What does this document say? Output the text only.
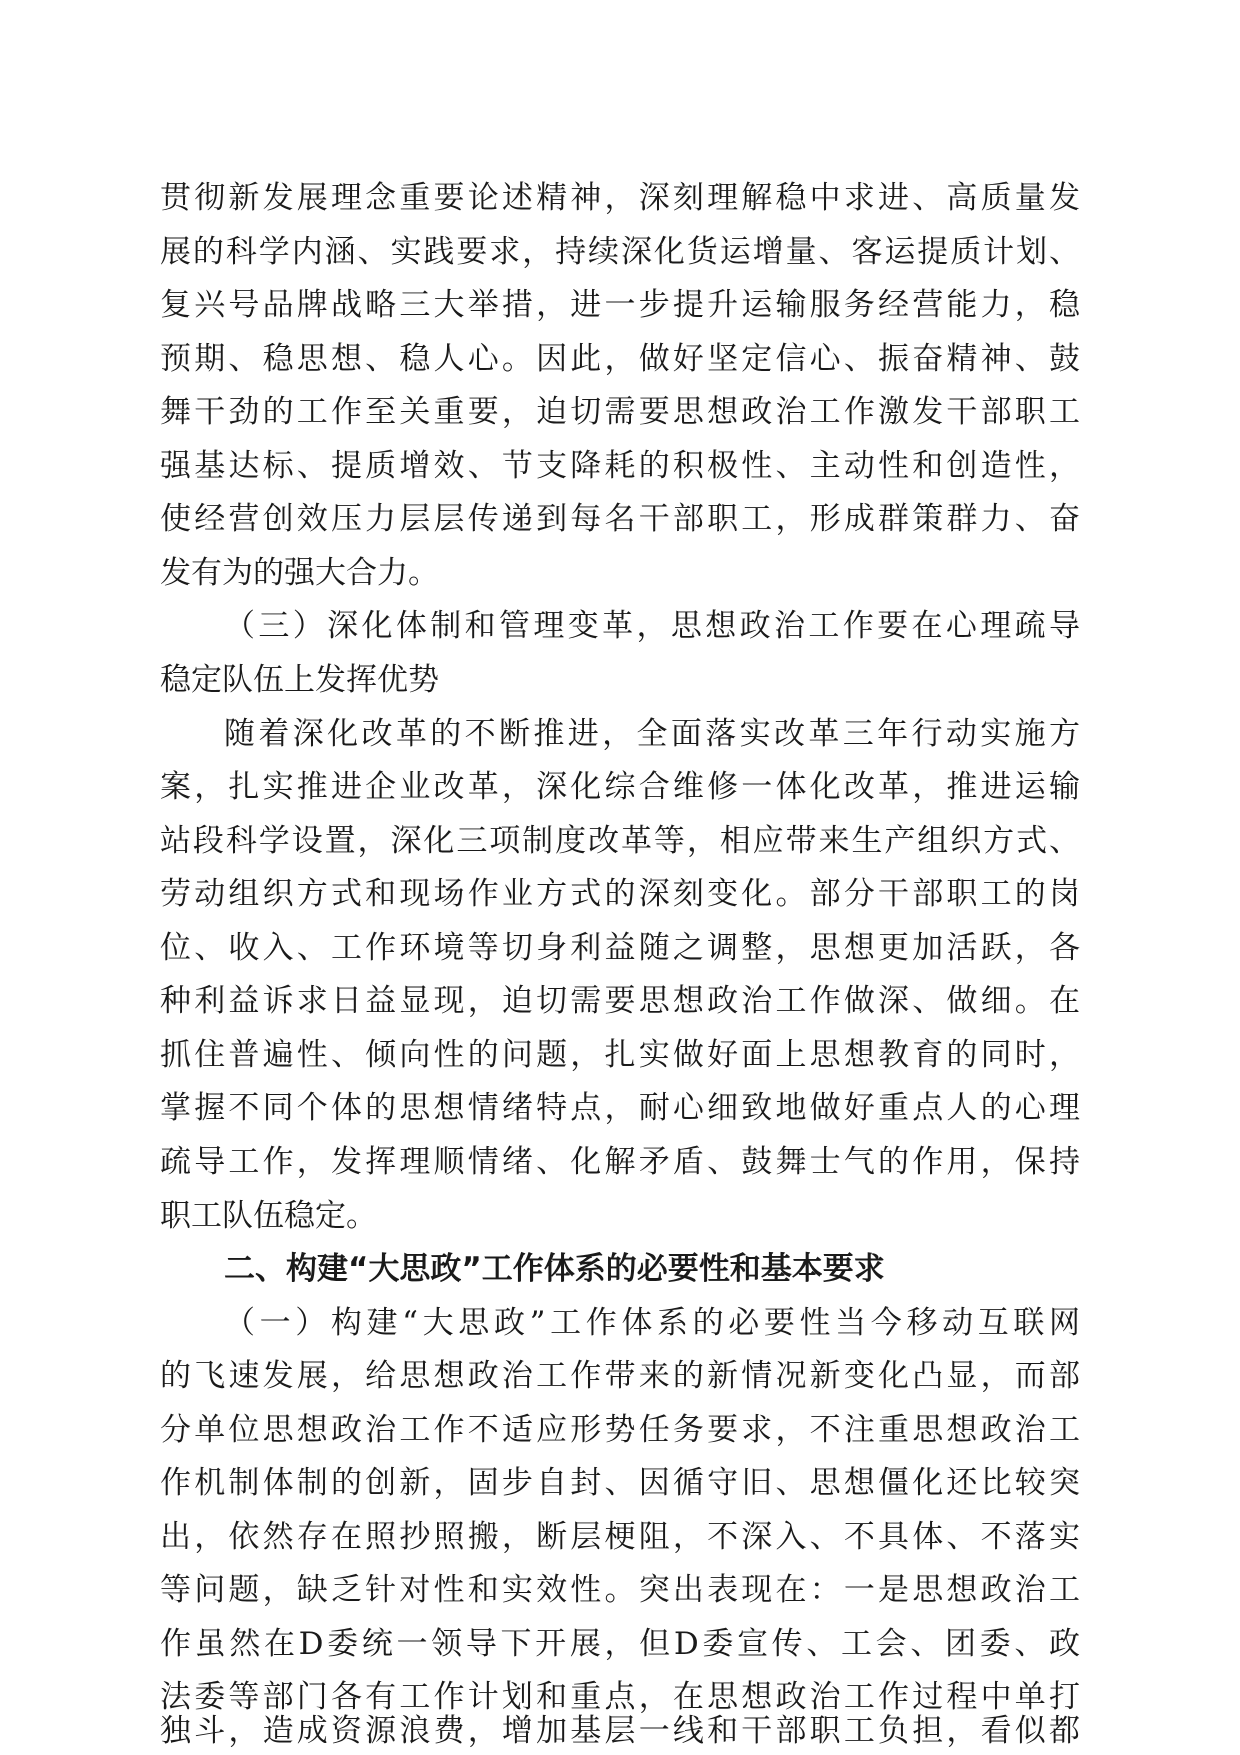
贯彻新发展理念重要论述精神，深刻理解稳中求进、高质量发
展的科学内涵、实践要求，持续深化货运增量、客运提质计划、
复兴号品牌战略三大举措，进一步提升运输服务经营能力，稳
预期、稳思想、稳人心。因此，做好坚定信心、振奋精神、鼓
舞干劲的工作至关重要，迫切需要思想政治工作激发干部职工
强基达标、提质增效、节支降耗的积极性、主动性和创造性，
使经营创效压力层层传递到每名干部职工，形成群策群力、奋
发有为的强大合力。
（三）深化体制和管理变革，思想政治工作要在心理疏导
稳定队伍上发挥优势
随着深化改革的不断推进，全面落实改革三年行动实施方
案，扎实推进企业改革，深化综合维修一体化改革，推进运输
站段科学设置，深化三项制度改革等，相应带来生产组织方式、
劳动组织方式和现场作业方式的深刻变化。部分干部职工的岗
位、收入、工作环境等切身利益随之调整，思想更加活跃，各
种利益诉求日益显现，迫切需要思想政治工作做深、做细。在
抓住普遍性、倾向性的问题，扎实做好面上思想教育的同时，
掌握不同个体的思想情绪特点，耐心细致地做好重点人的心理
疏导工作，发挥理顺情绪、化解矛盾、鼓舞士气的作用，保持
职工队伍稳定。
二、构建“大思政”工作体系的必要性和基本要求
（一）构建“大思政”工作体系的必要性当今移动互联网
的飞速发展，给思想政治工作带来的新情况新变化凸显，而部
分单位思想政治工作不适应形势任务要求，不注重思想政治工
作机制体制的创新，固步自封、因循守旧、思想僵化还比较突
出，依然存在照抄照搬，断层梗阻，不深入、不具体、不落实
等问题，缺乏针对性和实效性。突出表现在：一是思想政治工
作虽然在D委统一领导下开展，但D委宣传、工会、团委、政
法委等部门各有工作计划和重点，在思想政治工作过程中单打
独斗，造成资源浪费，增加基层一线和干部职工负担，看似都
